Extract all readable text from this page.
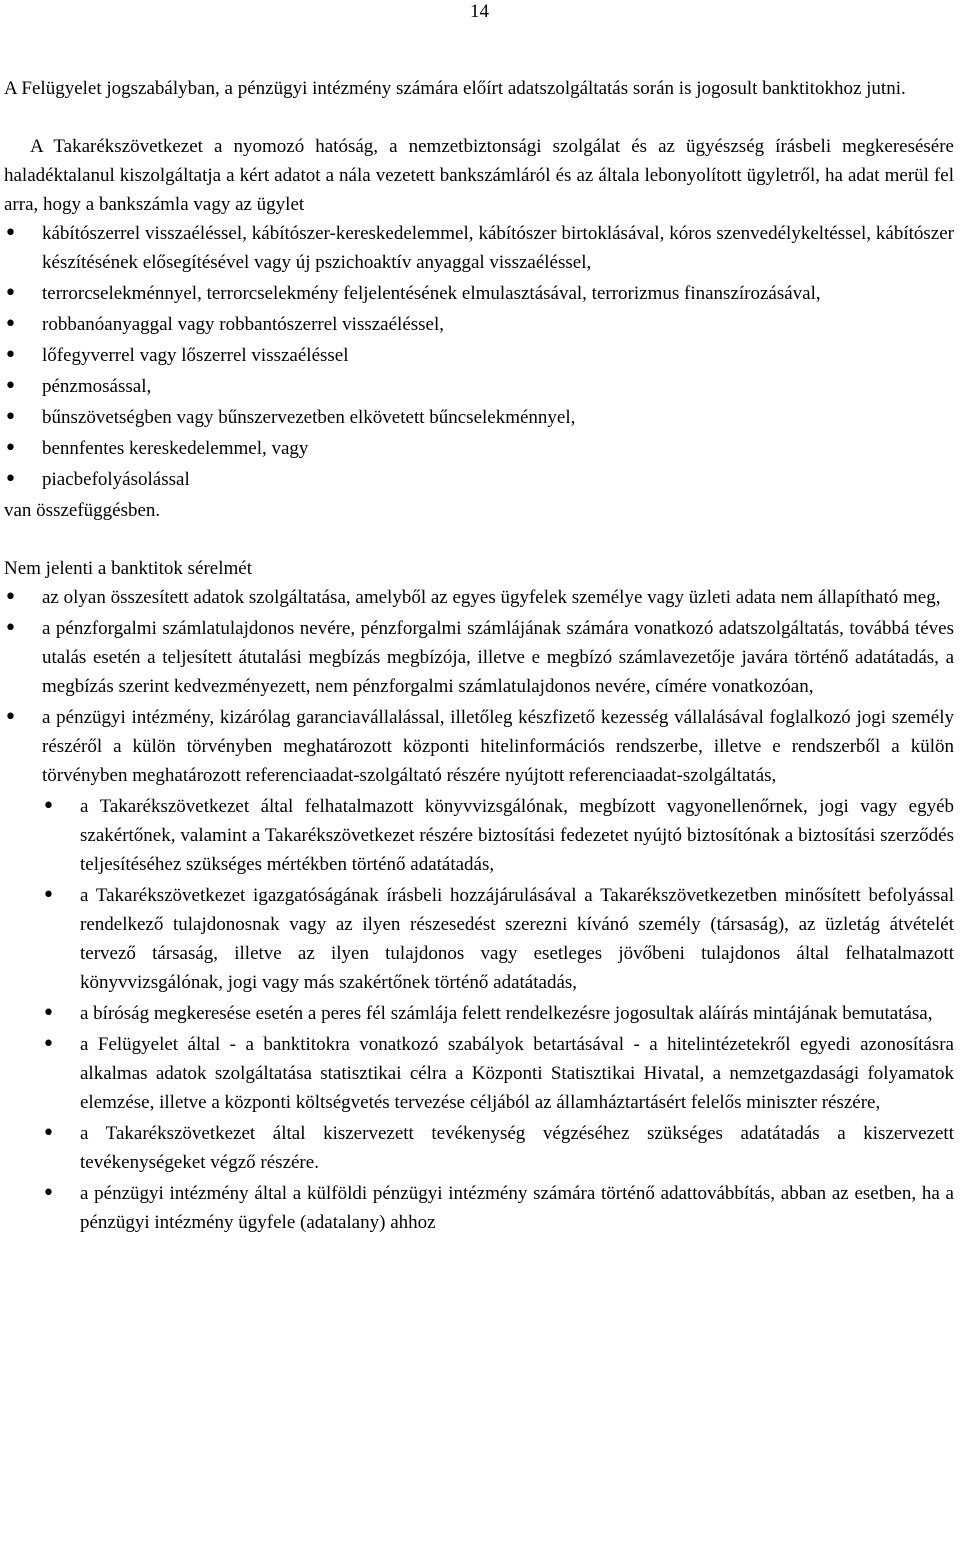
14

A Felügyelet jogszabályban, a pénzügyi intézmény számára előírt adatszolgáltatás során is jogosult banktitokhoz jutni.

A Takarékszövetkezet a nyomozó hatóság, a nemzetbiztonsági szolgálat és az ügyészség írásbeli megkeresésére haladéktalanul kiszolgáltatja a kért adatot a nála vezetett bankszámláról és az általa lebonyolított ügyletről, ha adat merül fel arra, hogy a bankszámla vagy az ügylet

• kábítószerrel visszaéléssel, kábítószer-kereskedelemmel, kábítószer birtoklásával, kóros szenvedélykeltéssel, kábítószer készítésének elősegítésével vagy új pszichoaktív anyaggal visszaéléssel,
• terrorcselekménnyel, terrorcselekmény feljelentésének elmulasztásával, terrorizmus finanszírozásával,
• robbanóanyaggal vagy robbantószerrel visszaéléssel,
• lőfegyverrel vagy lőszerrel visszaéléssel
• pénzmosással,
• bűnszövetségben vagy bűnszervezetben elkövetett bűncselekménnyel,
• bennfentes kereskedelemmel, vagy
• piacbefolyásolással

van összefüggésben.

Nem jelenti a banktitok sérelmét

• az olyan összesített adatok szolgáltatása, amelyből az egyes ügyfelek személye vagy üzleti adata nem állapítható meg,
• a pénzforgalmi számlatulajdonos nevére, pénzforgalmi számlájának számára vonatkozó adatszolgáltatás, továbbá téves utalás esetén a teljesített átutalási megbízás megbízója, illetve e megbízó számlavezetője javára történő adatátadás, a megbízás szerint kedvezményezett, nem pénzforgalmi számlatulajdonos nevére, címére vonatkozóan,
• a pénzügyi intézmény, kizárólag garanciavállalással, illetőleg készfizető kezesség vállalásával foglalkozó jogi személy részéről a külön törvényben meghatározott központi hitelinformációs rendszerbe, illetve e rendszerből a külön törvényben meghatározott referenciaadat-szolgáltató részére nyújtott referenciaadat-szolgáltatás,
• a Takarékszövetkezet által felhatalmazott könyvvizsgálónak, megbízott vagyonellenőrnek, jogi vagy egyéb szakértőnek, valamint a Takarékszövetkezet részére biztosítási fedezetet nyújtó biztosítónak a biztosítási szerződés teljesítéséhez szükséges mértékben történő adatátadás,
• a Takarékszövetkezet igazgatóságának írásbeli hozzájárulásával a Takarékszövetkezetben minősített befolyással rendelkező tulajdonosnak vagy az ilyen részesedést szerezni kívánó személy (társaság), az üzletág átvételét tervező társaság, illetve az ilyen tulajdonos vagy esetleges jövőbeni tulajdonos által felhatalmazott könyvvizsgálónak, jogi vagy más szakértőnek történő adatátadás,
• a bíróság megkeresése esetén a peres fél számlája felett rendelkezésre jogosultak aláírás mintájának bemutatása,
• a Felügyelet által - a banktitokra vonatkozó szabályok betartásával - a hitelintézetekről egyedi azonosításra alkalmas adatok szolgáltatása statisztikai célra a Központi Statisztikai Hivatal, a nemzetgazdasági folyamatok elemzése, illetve a központi költségvetés tervezése céljából az államháztartásért felelős miniszter részére,
• a Takarékszövetkezet által kiszervezett tevékenység végzéséhez szükséges adatátadás a kiszervezett tevékenységeket végző részére.
• a pénzügyi intézmény által a külföldi pénzügyi intézmény számára történő adattovábbítás, abban az esetben, ha a pénzügyi intézmény ügyfele (adatalany) ahhoz
